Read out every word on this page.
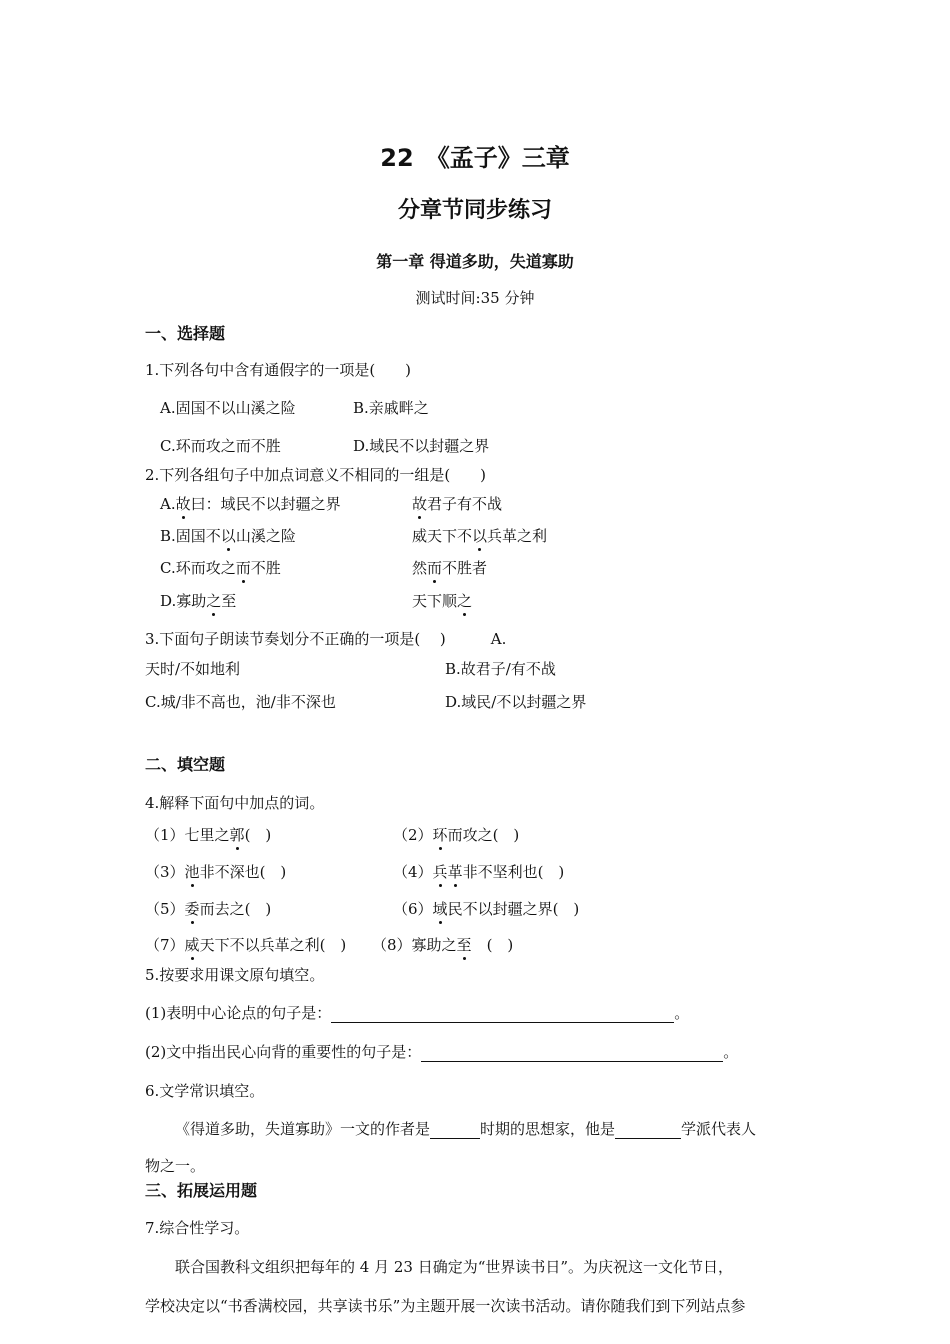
22　《孟子》三章
分章节同步练习
第一章 得道多助，失道寡助
测试时间:35 分钟
一、选择题
1.下列各句中含有通假字的一项是(　　)
A.固国不以山溪之险	B.亲戚畔之
C.环而攻之而不胜	D.域民不以封疆之界
2.下列各组句子中加点词意义不相同的一组是(　　)
A.故曰：域民不以封疆之界	故君子有不战
B.固国不以山溪之险	威天下不以兵革之利
C.环而攻之而不胜	然而不胜者
D.寡助之至	天下顺之
3.下面句子朗读节奏划分不正确的一项是(　 )　　　A.
天时/不如地利	B.故君子/有不战
C.城/非不高也，池/非不深也	D.域民/不以封疆之界
二、填空题
4.解释下面句中加点的词。
（1）七里之郭(　)	（2）环而攻之(　)
（3）池非不深也(　)	（4）兵革非不坚利也(　)
（5）委而去之(　)	（6）域民不以封疆之界(　)
（7）威天下不以兵革之利(　) （8）寡助之至　(　)
5.按要求用课文原句填空。
(1)表明中心论点的句子是：	。
(2)文中指出民心向背的重要性的句子是：	。
6.文学常识填空。
《得道多助，失道寡助》一文的作者是	时期的思想家，他是	学派代表人
物之一。
三、拓展运用题
7.综合性学习。
联合国教科文组织把每年的 4 月 23 日确定为“世界读书日”。为庆祝这一文化节日，
学校决定以“书香满校园，共享读书乐”为主题开展一次读书活动。请你随我们到下列站点参
